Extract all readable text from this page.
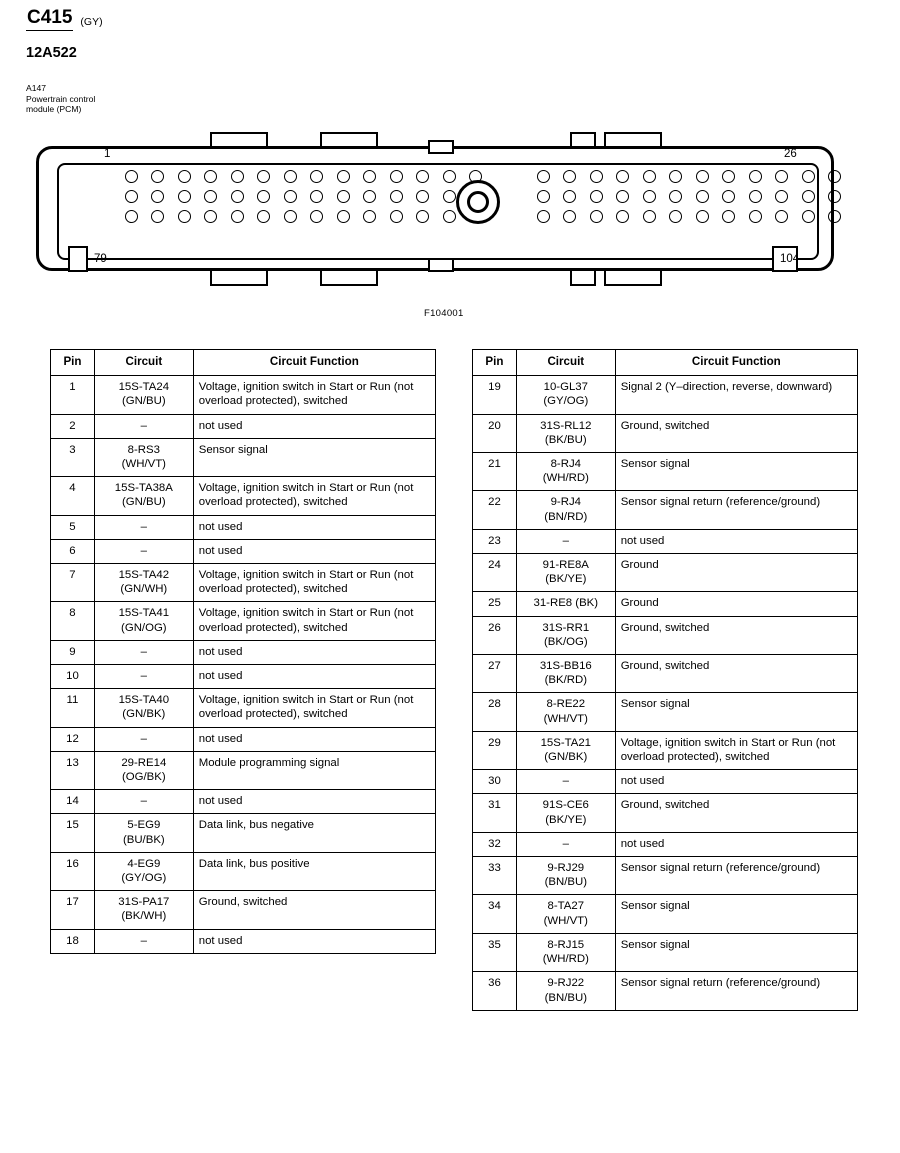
C415 (GY)
12A522
A147
Powertrain control
module (PCM)
1	26
79	104
F104001
Pin	Circuit	Circuit Function
1	15S-TA24
(GN/BU)	Voltage, ignition switch in Start or Run (not overload protected), switched
2	–	not used
3	8-RS3
(WH/VT)	Sensor signal
4	15S-TA38A
(GN/BU)	Voltage, ignition switch in Start or Run (not overload protected), switched
5	–	not used
6	–	not used
7	15S-TA42
(GN/WH)	Voltage, ignition switch in Start or Run (not overload protected), switched
8	15S-TA41
(GN/OG)	Voltage, ignition switch in Start or Run (not overload protected), switched
9	–	not used
10	–	not used
11	15S-TA40
(GN/BK)	Voltage, ignition switch in Start or Run (not overload protected), switched
12	–	not used
13	29-RE14
(OG/BK)	Module programming signal
14	–	not used
15	5-EG9
(BU/BK)	Data link, bus negative
16	4-EG9
(GY/OG)	Data link, bus positive
17	31S-PA17
(BK/WH)	Ground, switched
18	–	not used
Pin	Circuit	Circuit Function
19	10-GL37
(GY/OG)	Signal 2 (Y–direction, reverse, downward)
20	31S-RL12
(BK/BU)	Ground, switched
21	8-RJ4
(WH/RD)	Sensor signal
22	9-RJ4
(BN/RD)	Sensor signal return (reference/ground)
23	–	not used
24	91-RE8A
(BK/YE)	Ground
25	31-RE8 (BK)	Ground
26	31S-RR1
(BK/OG)	Ground, switched
27	31S-BB16
(BK/RD)	Ground, switched
28	8-RE22
(WH/VT)	Sensor signal
29	15S-TA21
(GN/BK)	Voltage, ignition switch in Start or Run (not overload protected), switched
30	–	not used
31	91S-CE6
(BK/YE)	Ground, switched
32	–	not used
33	9-RJ29
(BN/BU)	Sensor signal return (reference/ground)
34	8-TA27
(WH/VT)	Sensor signal
35	8-RJ15
(WH/RD)	Sensor signal
36	9-RJ22
(BN/BU)	Sensor signal return (reference/ground)
